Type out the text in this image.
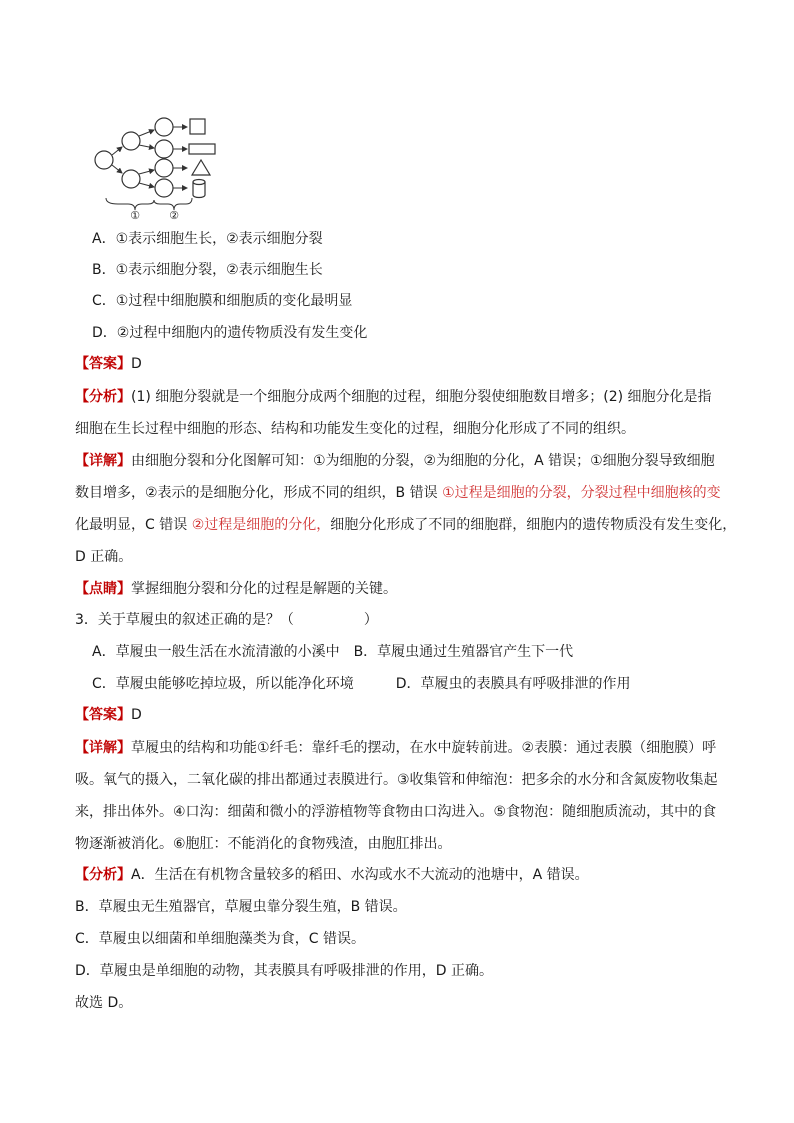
①	②
A．①表示细胞生长，②表示细胞分裂
B．①表示细胞分裂，②表示细胞生长
C．①过程中细胞膜和细胞质的变化最明显
D．②过程中细胞内的遗传物质没有发生变化
【答案】D
【分析】(1) 细胞分裂就是一个细胞分成两个细胞的过程，细胞分裂使细胞数目增多；(2) 细胞分化是指
细胞在生长过程中细胞的形态、结构和功能发生变化的过程，细胞分化形成了不同的组织。
【详解】由细胞分裂和分化图解可知：①为细胞的分裂，②为细胞的分化，A 错误；①细胞分裂导致细胞
数目增多，②表示的是细胞分化，形成不同的组织，B 错误 ①过程是细胞的分裂，分裂过程中细胞核的变
化最明显，C 错误 ②过程是细胞的分化，细胞分化形成了不同的细胞群，细胞内的遗传物质没有发生变化，
D 正确。
【点睛】掌握细胞分裂和分化的过程是解题的关键。
3．关于草履虫的叙述正确的是？（　　　　　）
A．草履虫一般生活在水流清澈的小溪中　B．草履虫通过生殖器官产生下一代
C．草履虫能够吃掉垃圾，所以能净化环境　　　D．草履虫的表膜具有呼吸排泄的作用
【答案】D
【详解】草履虫的结构和功能①纤毛：靠纤毛的摆动，在水中旋转前进。②表膜：通过表膜（细胞膜）呼
吸。氧气的摄入，二氧化碳的排出都通过表膜进行。③收集管和伸缩泡：把多余的水分和含氮废物收集起
来，排出体外。④口沟：细菌和微小的浮游植物等食物由口沟进入。⑤食物泡：随细胞质流动，其中的食
物逐渐被消化。⑥胞肛：不能消化的食物残渣，由胞肛排出。
【分析】A．生活在有机物含量较多的稻田、水沟或水不大流动的池塘中，A 错误。
B．草履虫无生殖器官，草履虫靠分裂生殖，B 错误。
C．草履虫以细菌和单细胞藻类为食，C 错误。
D．草履虫是单细胞的动物，其表膜具有呼吸排泄的作用，D 正确。
故选 D。
